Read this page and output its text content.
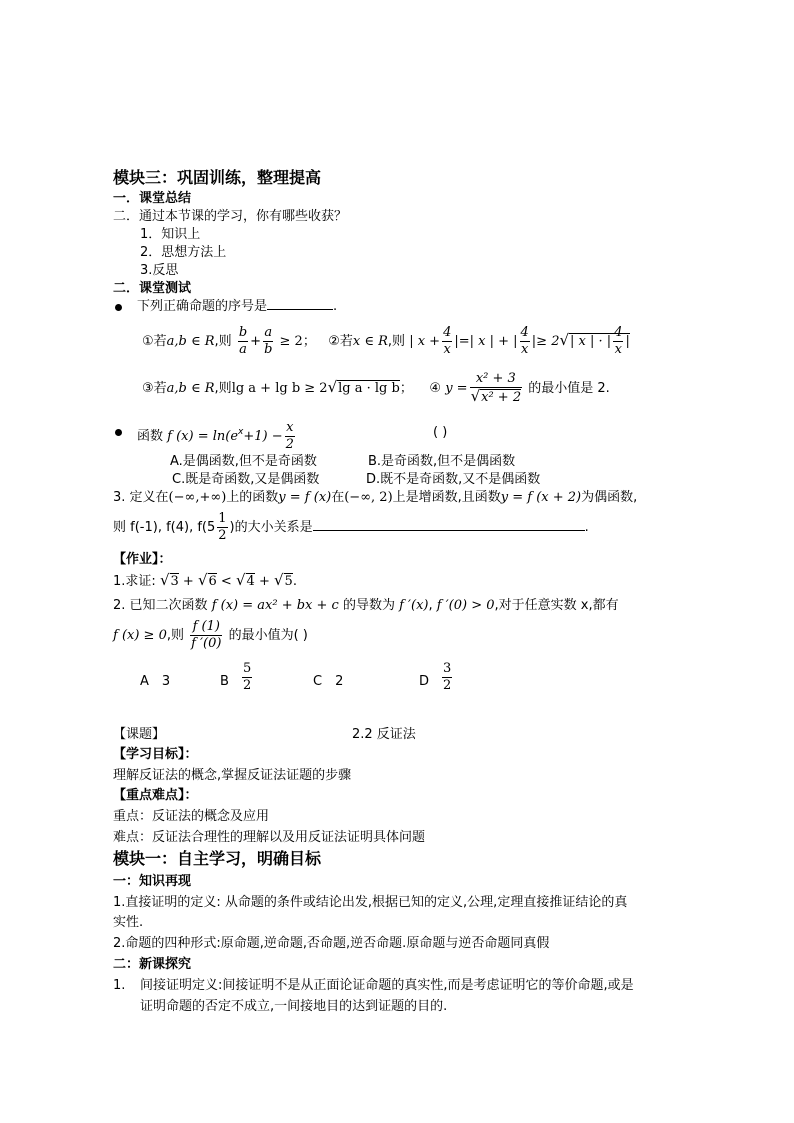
模块三：巩固训练，整理提高
一．课堂总结
二．通过本节课的学习，你有哪些收获？
1．知识上
2．思想方法上
3.反思
二．课堂测试
下列正确命题的序号是	.
①若a,b ∈ R,则 $\frac{b}{a} + \frac{a}{b} \ge 2$； ②若x ∈ R,则 | $x + \frac{4}{x}$ |=| x | + | $\frac{4}{x}$ |≥ 2√| x | · | $\frac{4}{x}$ |
③若a,b ∈ R,则lg a + lg b ≥ 2√lg a · lg b； ④ $y = \frac{\text{x² + 3}}{\text{√x² + 2}}$ 的最小值是 2.
函数 f $(x) = \ln(e^x+1) - \frac{x}{2}$	( )
A.是偶函数,但不是奇函数	B.是奇函数,但不是偶函数
C.既是奇函数,又是偶函数	D.既不是奇函数,又不是偶函数
3. 定义在(−∞,+∞)上的函数y = f (x)在(−∞, 2)上是增函数,且函数y = f (x + 2)为偶函数,
则 f(-1), f(4), $f(5 \frac{1}{2}$ )的大小关系是	.
【作业】：
1.求证: √3 + √6 < √4 + √5.
2. 已知二次函数 f (x) = ax² + bx + c 的导数为 f ′(x), f ′(0) > 0,对于任意实数 x,都有
f (x) ≥ 0,则 $\frac{f (1)}{f '(0)}$ 的最小值为( )
A　3	B $\frac{5}{2}$	C　2	D $\frac{3}{2}$
【课题】	2.2 反证法
【学习目标】：
理解反证法的概念,掌握反证法证题的步骤
【重点难点】：
重点：反证法的概念及应用
难点：反证法合理性的理解以及用反证法证明具体问题
模块一：自主学习，明确目标
一：知识再现
1.直接证明的定义: 从命题的条件或结论出发,根据已知的定义,公理,定理直接推证结论的真
实性.
2.命题的四种形式:原命题,逆命题,否命题,逆否命题.原命题与逆否命题同真假
二：新课探究
1. 间接证明定义:间接证明不是从正面论证命题的真实性,而是考虑证明它的等价命题,或是
证明命题的否定不成立,一间接地目的达到证题的目的.
